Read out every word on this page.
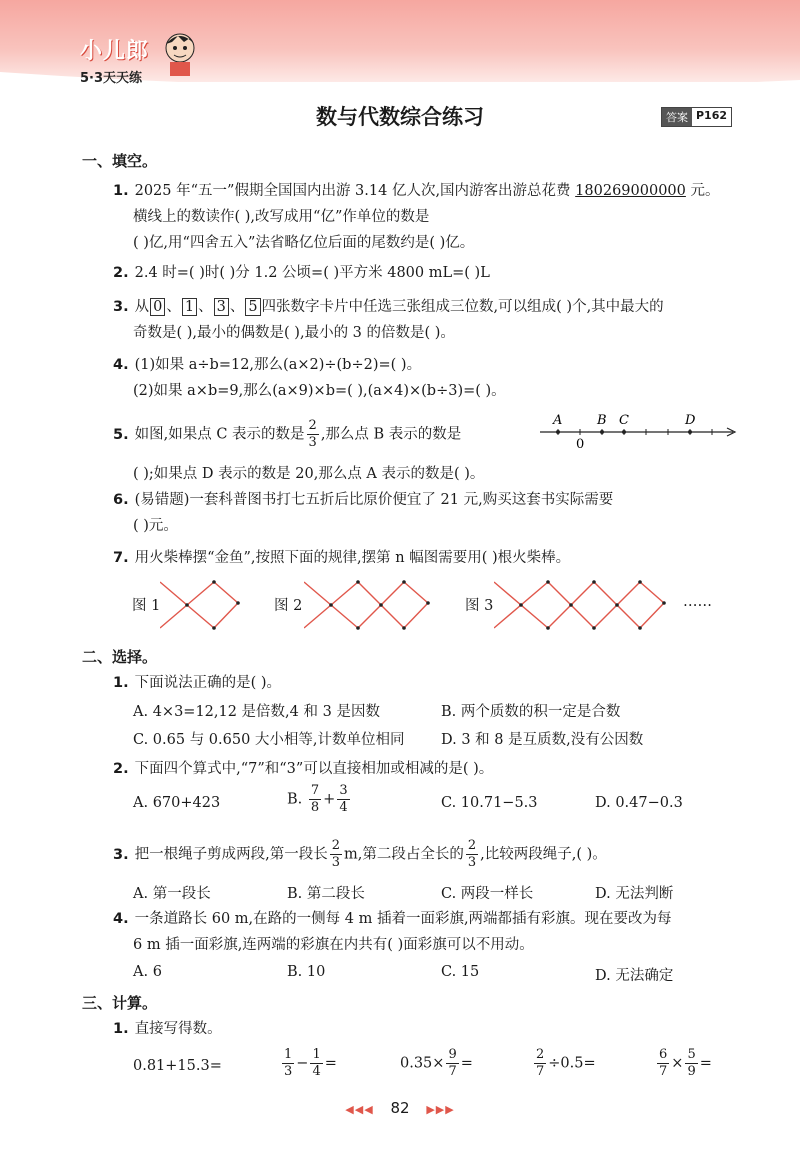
小儿郎
5·3天天练
数与代数综合练习	答案 P162
一、填空。
1. 2025 年“五一”假期全国国内出游 3.14 亿人次,国内游客出游总花费 180269000000 元。
横线上的数读作( ),改写成用“亿”作单位的数是
( )亿,用“四舍五入”法省略亿位后面的尾数约是( )亿。
2. 2.4 时=( )时( )分 1.2 公顷=( )平方米 4800 mL=( )L
3. 从 0 、 1 、 3 、 5 四张数字卡片中任选三张组成三位数,可以组成( )个,其中最大的
奇数是( ),最小的偶数是( ),最小的 3 的倍数是( )。
4. (1)如果 a÷b=12,那么(a×2)÷(b÷2)=( )。
(2)如果 a×b=9,那么(a×9)×b=( ),(a×4)×(b÷3)=( )。
5. 如图,如果点 C 表示的数是 $\frac{2}{3}$ ,那么点 B 表示的数是
( );如果点 D 表示的数是 20,那么点 A 表示的数是( )。
A	B C	D
0
6. (易错题)一套科普图书打七五折后比原价便宜了 21 元,购买这套书实际需要
( )元。
7. 用火柴棒摆“金鱼”,按照下面的规律,摆第 n 幅图需要用( )根火柴棒。
图 1	图 2	图 3	……
二、选择。
1. 下面说法正确的是( )。
A. 4×3=12,12 是倍数,4 和 3 是因数	B. 两个质数的积一定是合数
C. 0.65 与 0.650 大小相等,计数单位相同	D. 3 和 8 是互质数,没有公因数
2. 下面四个算式中,“7”和“3”可以直接相加或相减的是( )。
A. 670+423	B. $\frac{7}{8} + \frac{3}{4}$	C. 10.71−5.3	D. 0.47−0.3
3. 把一根绳子剪成两段,第一段长 $\frac{2}{3} m$,第二段占全长的 $\frac{2}{3}$ ,比较两段绳子,( )。
A. 第一段长	B. 第二段长	C. 两段一样长	D. 无法判断
4. 一条道路长 60 m,在路的一侧每 4 m 插着一面彩旗,两端都插有彩旗。现在要改为每
6 m 插一面彩旗,连两端的彩旗在内共有( )面彩旗可以不用动。
A. 6	B. 10	C. 15	D. 无法确定
三、计算。
1. 直接写得数。
0.81+15.3=	$\frac{1}{3} - \frac{1}{4}$ =	$0.35\times \frac{9}{7}$ =	$\frac{2}{7} \div 0.5=$	$\frac{6}{7} \times \frac{5}{9}$ =
◀◀◀ 82 ▶▶▶
